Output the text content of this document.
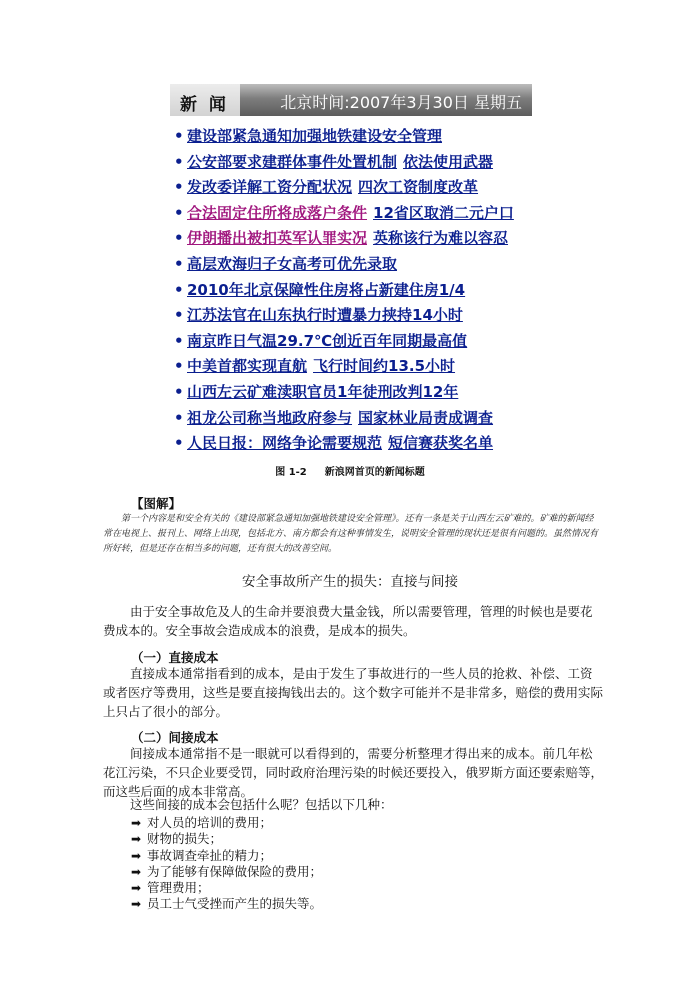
新 闻	北京时间:2007年3月30日 星期五
• 建设部紧急通知加强地铁建设安全管理
• 公安部要求建群体事件处置机制 依法使用武器
• 发改委详解工资分配状况 四次工资制度改革
• 合法固定住所将成落户条件 12省区取消二元户口
• 伊朗播出被扣英军认罪实况 英称该行为难以容忍
• 高层欢海归子女高考可优先录取
• 2010年北京保障性住房将占新建住房1/4
• 江苏法官在山东执行时遭暴力挟持14小时
• 南京昨日气温29.7℃创近百年同期最高值
• 中美首都实现直航 飞行时间约13.5小时
• 山西左云矿难渎职官员1年徒刑改判12年
• 祖龙公司称当地政府参与 国家林业局责成调查
• 人民日报：网络争论需要规范 短信赛获奖名单
图 1-2 新浪网首页的新闻标题
【图解】

第一个内容是和安全有关的《建设部紧急通知加强地铁建设安全管理》。还有一条是关于山西左云矿难的。矿难的新闻经常在电视上、报刊上、网络上出现，包括北方、南方都会有这种事情发生，说明安全管理的现状还是很有问题的。虽然情况有所好转，但是还存在相当多的问题，还有很大的改善空间。

安全事故所产生的损失：直接与间接

由于安全事故危及人的生命并要浪费大量金钱，所以需要管理，管理的时候也是要花费成本的。安全事故会造成成本的浪费，是成本的损失。

（一）直接成本

直接成本通常指看到的成本，是由于发生了事故进行的一些人员的抢救、补偿、工资或者医疗等费用，这些是要直接掏钱出去的。这个数字可能并不是非常多，赔偿的费用实际上只占了很小的部分。

（二）间接成本

间接成本通常指不是一眼就可以看得到的，需要分析整理才得出来的成本。前几年松花江污染，不只企业要受罚，同时政府治理污染的时候还要投入，俄罗斯方面还要索赔等，而这些后面的成本非常高。

这些间接的成本会包括什么呢？包括以下几种：

➡ 对人员的培训的费用；
➡ 财物的损失；
➡ 事故调查牵扯的精力；
➡ 为了能够有保障做保险的费用；
➡ 管理费用；
➡ 员工士气受挫而产生的损失等。
